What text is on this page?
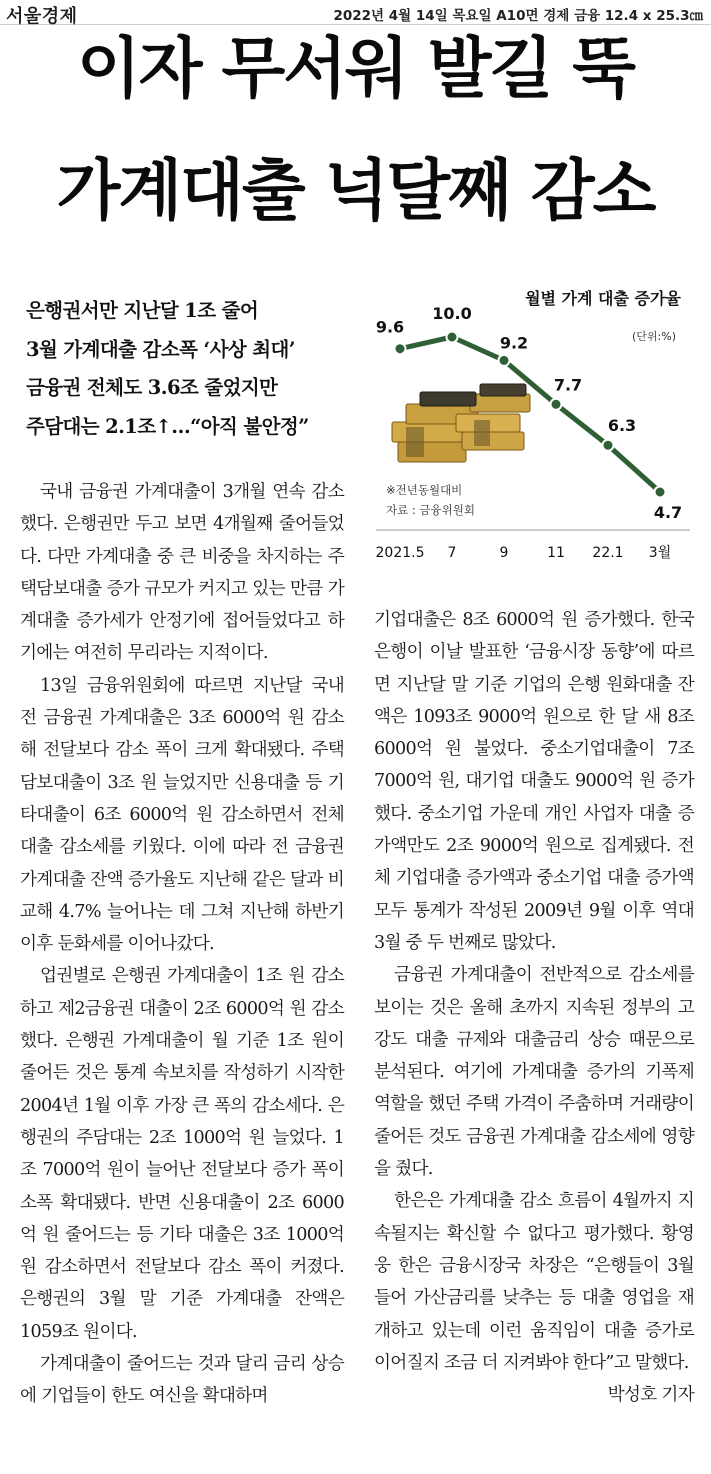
서울경제	2022년 4월 14일 목요일 A10면 경제 금융 12.4 x 25.3㎝
이자 무서워 발길 뚝
가계대출 넉달째 감소
은행권서만 지난달 1조 줄어
3월 가계대출 감소폭 ‘사상 최대’
금융권 전체도 3.6조 줄었지만
주담대는 2.1조↑…“아직 불안정”
월별 가계 대출 증가율
(단위:%)
※전년동월대비
자료 : 금융위원회
9.6
10.0
9.2
7.7
6.3
4.7
2021.5 7	9	11 22.1 3월

국내 금융권 가계대출이 3개월 연속 감소했다. 은행권만 두고 보면 4개월째 줄어들었다. 다만 가계대출 중 큰 비중을 차지하는 주택담보대출 증가 규모가 커지고 있는 만큼 가계대출 증가세가 안정기에 접어들었다고 하기에는 여전히 무리라는 지적이다.

13일 금융위원회에 따르면 지난달 국내 전 금융권 가계대출은 3조 6000억 원 감소해 전달보다 감소 폭이 크게 확대됐다. 주택담보대출이 3조 원 늘었지만 신용대출 등 기타대출이 6조 6000억 원 감소하면서 전체 대출 감소세를 키웠다. 이에 따라 전 금융권 가계대출 잔액 증가율도 지난해 같은 달과 비교해 4.7% 늘어나는 데 그쳐 지난해 하반기 이후 둔화세를 이어나갔다.

업권별로 은행권 가계대출이 1조 원 감소하고 제2금융권 대출이 2조 6000억 원 감소했다. 은행권 가계대출이 월 기준 1조 원이 줄어든 것은 통계 속보치를 작성하기 시작한 2004년 1월 이후 가장 큰 폭의 감소세다. 은행권의 주담대는 2조 1000억 원 늘었다. 1조 7000억 원이 늘어난 전달보다 증가 폭이 소폭 확대됐다. 반면 신용대출이 2조 6000억 원 줄어드는 등 기타 대출은 3조 1000억 원 감소하면서 전달보다 감소 폭이 커졌다. 은행권의 3월 말 기준 가계대출 잔액은 1059조 원이다.

가계대출이 줄어드는 것과 달리 금리 상승에 기업들이 한도 여신을 확대하며

기업대출은 8조 6000억 원 증가했다. 한국은행이 이날 발표한 ‘금융시장 동향’에 따르면 지난달 말 기준 기업의 은행 원화대출 잔액은 1093조 9000억 원으로 한 달 새 8조 6000억 원 불었다. 중소기업대출이 7조 7000억 원, 대기업 대출도 9000억 원 증가했다. 중소기업 가운데 개인 사업자 대출 증가액만도 2조 9000억 원으로 집계됐다. 전체 기업대출 증가액과 중소기업 대출 증가액 모두 통계가 작성된 2009년 9월 이후 역대 3월 중 두 번째로 많았다.

금융권 가계대출이 전반적으로 감소세를 보이는 것은 올해 초까지 지속된 정부의 고강도 대출 규제와 대출금리 상승 때문으로 분석된다. 여기에 가계대출 증가의 기폭제 역할을 했던 주택 가격이 주춤하며 거래량이 줄어든 것도 금융권 가계대출 감소세에 영향을 줬다.

한은은 가계대출 감소 흐름이 4월까지 지속될지는 확신할 수 없다고 평가했다. 황영웅 한은 금융시장국 차장은 “은행들이 3월 들어 가산금리를 낮추는 등 대출 영업을 재개하고 있는데 이런 움직임이 대출 증가로 이어질지 조금 더 지켜봐야 한다”고 말했다.
박성호 기자
